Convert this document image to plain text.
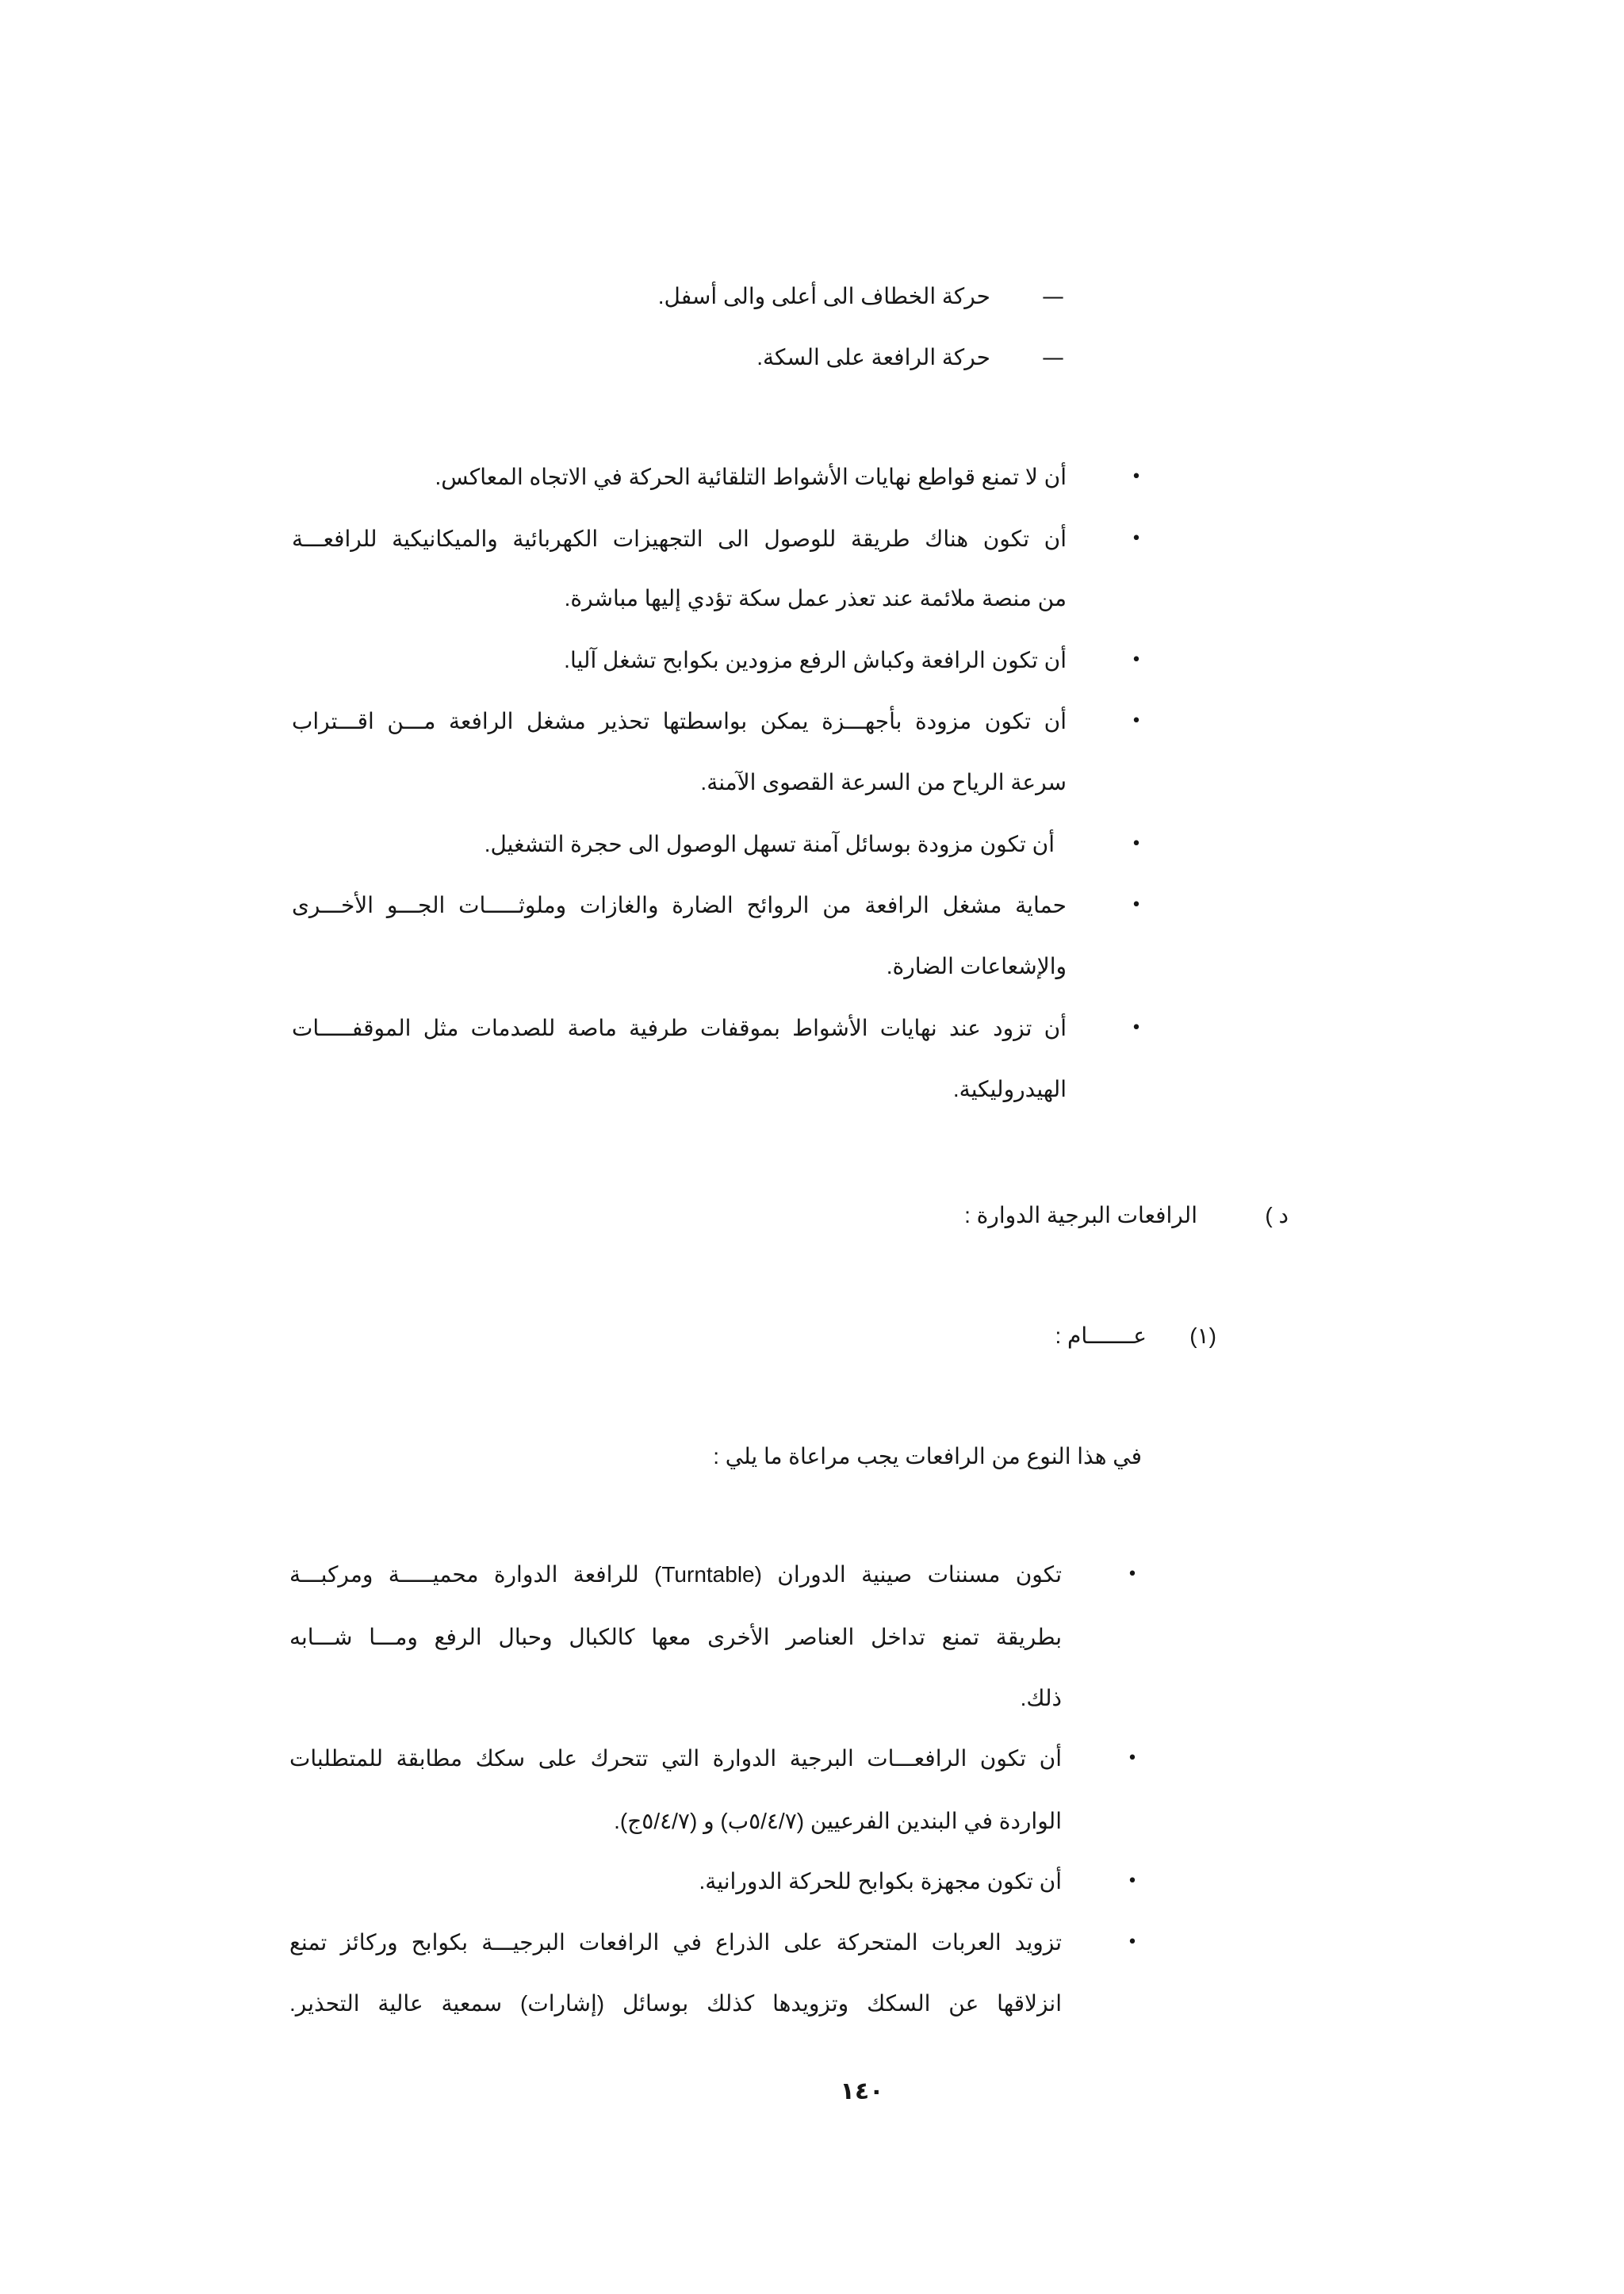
—
حركة الخطاف الى أعلى والى أسفل.
—
حركة الرافعة على السكة.
•
أن لا تمنع قواطع نهايات الأشواط التلقائية الحركة في الاتجاه المعاكس.
•
أن تكون هناك طريقة للوصول الى التجهيزات الكهربائية والميكانيكية للرافعـــة
من منصة ملائمة عند تعذر عمل سكة تؤدي إليها مباشرة.
•
أن تكون الرافعة وكباش الرفع مزودين بكوابح تشغل آليا.
•
أن تكون مزودة بأجهـــزة يمكن بواسطتها تحذير مشغل الرافعة مـــن اقـــتراب
سرعة الرياح من السرعة القصوى الآمنة.
•
أن تكون مزودة بوسائل آمنة تسهل الوصول الى حجرة التشغيل.
•
حماية مشغل الرافعة من الروائح الضارة والغازات وملوثـــــات الجـــو الأخـــرى
والإشعاعات الضارة.
•
أن تزود عند نهايات الأشواط بموقفات طرفية ماصة للصدمات مثل الموقفـــــات
الهيدروليكية.
د )
الرافعات البرجية الدوارة :
(١)
عـــــــام :
في هذا النوع من الرافعات يجب مراعاة ما يلي :
•
تكون مسننات صينية الدوران (Turntable) للرافعة الدوارة محميـــــة ومركبـــة
بطريقة تمنع تداخل العناصر الأخرى معها كالكبال وحبال الرفع ومـــا شـــابه
ذلك.
•
أن تكون الرافعـــات البرجية الدوارة التي تتحرك على سكك مطابقة للمتطلبات
الواردة في البندين الفرعيين (٥/٤/٧ب) و (٥/٤/٧ج).
•
أن تكون مجهزة بكوابح للحركة الدورانية.
•
تزويد العربات المتحركة على الذراع في الرافعات البرجيـــة بكوابح وركائز تمنع
انزلاقها عن السكك وتزويدها كذلك بوسائل (إشارات) سمعية عالية التحذير.
١٤٠
